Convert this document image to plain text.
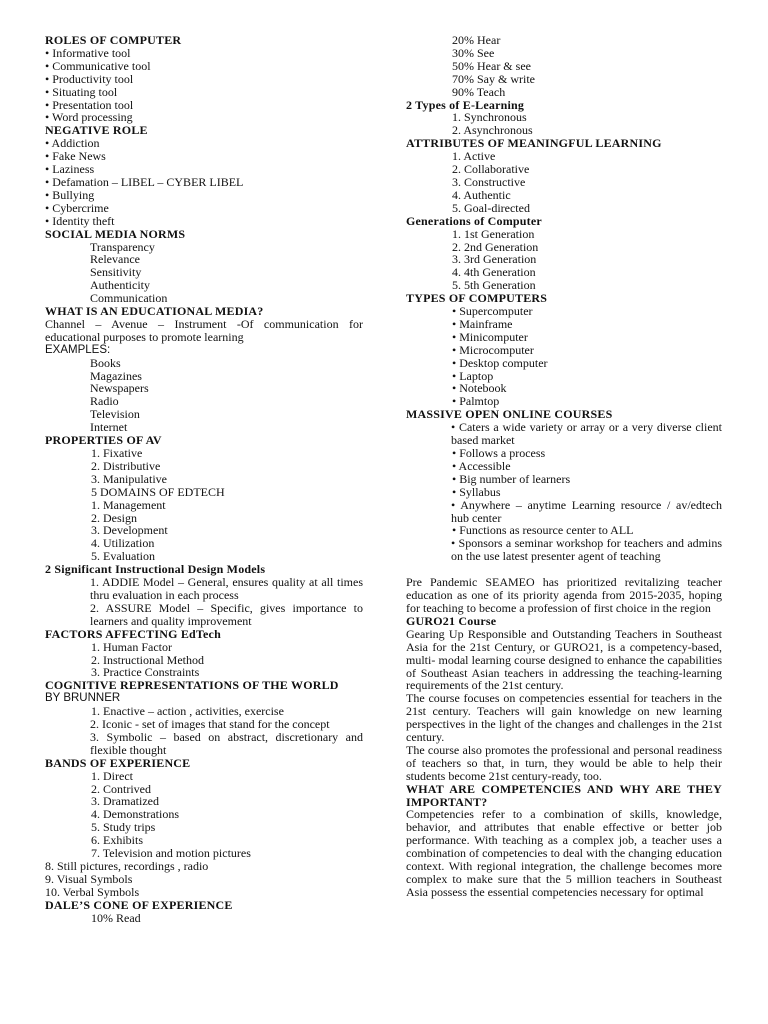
ROLES OF COMPUTER
• Informative tool
• Communicative tool
• Productivity tool
• Situating tool
• Presentation tool
• Word processing
NEGATIVE ROLE
• Addiction
• Fake News
• Laziness
• Defamation – LIBEL – CYBER LIBEL
• Bullying
• Cybercrime
• Identity theft
SOCIAL MEDIA NORMS
Transparency
Relevance
Sensitivity
Authenticity
Communication
WHAT IS AN EDUCATIONAL MEDIA?
Channel – Avenue – Instrument -Of communication for educational purposes to promote learning
EXAMPLES:
Books
Magazines
Newspapers
Radio
Television
Internet
PROPERTIES OF AV
1. Fixative
2. Distributive
3. Manipulative
5 DOMAINS OF EDTECH
1. Management
2. Design
3. Development
4. Utilization
5. Evaluation
2 Significant Instructional Design Models
1. ADDIE Model – General, ensures quality at all times thru evaluation in each process
2. ASSURE Model – Specific, gives importance to learners and quality improvement
FACTORS AFFECTING EdTech
1. Human Factor
2. Instructional Method
3. Practice Constraints
COGNITIVE REPRESENTATIONS OF THE WORLD
BY BRUNNER
1. Enactive – action , activities, exercise
2. Iconic - set of images that stand for the concept
3. Symbolic – based on abstract, discretionary and flexible thought
BANDS OF EXPERIENCE
1. Direct
2. Contrived
3. Dramatized
4. Demonstrations
5. Study trips
6. Exhibits
7. Television and motion pictures
8. Still pictures, recordings , radio
9. Visual Symbols
10. Verbal Symbols
DALE’S CONE OF EXPERIENCE
10% Read
20% Hear
30% See
50% Hear & see
70% Say & write
90% Teach
2 Types of E-Learning
1. Synchronous
2. Asynchronous
ATTRIBUTES OF MEANINGFUL LEARNING
1. Active
2. Collaborative
3. Constructive
4. Authentic
5. Goal-directed
Generations of Computer
1. 1st Generation
2. 2nd Generation
3. 3rd Generation
4. 4th Generation
5. 5th Generation
TYPES OF COMPUTERS
• Supercomputer
• Mainframe
• Minicomputer
• Microcomputer
• Desktop computer
• Laptop
• Notebook
• Palmtop
MASSIVE OPEN ONLINE COURSES
• Caters a wide variety or array or a very diverse client based market
• Follows a process
• Accessible
• Big number of learners
• Syllabus
• Anywhere – anytime Learning resource / av/edtech hub center
• Functions as resource center to ALL
• Sponsors a seminar workshop for teachers and admins on the use latest presenter agent of teaching
Pre Pandemic SEAMEO has prioritized revitalizing teacher education as one of its priority agenda from 2015-2035, hoping for teaching to become a profession of first choice in the region
GURO21 Course
Gearing Up Responsible and Outstanding Teachers in Southeast Asia for the 21st Century, or GURO21, is a competency-based, multi- modal learning course designed to enhance the capabilities of Southeast Asian teachers in addressing the teaching-learning requirements of the 21st century.
The course focuses on competencies essential for teachers in the 21st century. Teachers will gain knowledge on new learning perspectives in the light of the changes and challenges in the 21st century.
The course also promotes the professional and personal readiness of teachers so that, in turn, they would be able to help their students become 21st century-ready, too.
WHAT ARE COMPETENCIES AND WHY ARE THEY IMPORTANT?
Competencies refer to a combination of skills, knowledge, behavior, and attributes that enable effective or better job performance. With teaching as a complex job, a teacher uses a combination of competencies to deal with the changing education context. With regional integration, the challenge becomes more complex to make sure that the 5 million teachers in Southeast Asia possess the essential competencies necessary for optimal
